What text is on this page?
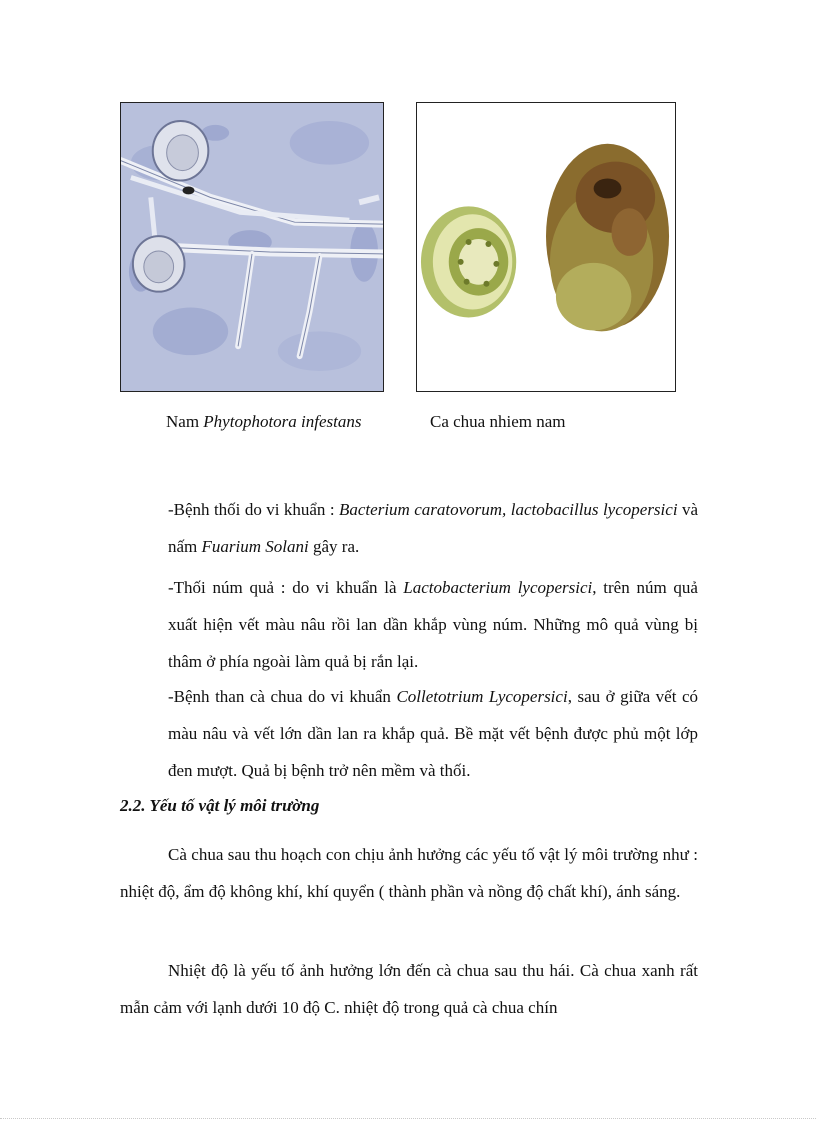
Nam Phytophotora infestans	Ca chua nhiem nam

-Bệnh thối do vi khuẩn : Bacterium caratovorum, lactobacillus lycopersici và nấm Fuarium Solani gây ra.

-Thối núm quả : do vi khuẩn là Lactobacterium lycopersici, trên núm quả xuất hiện vết màu nâu rồi lan dần khắp vùng núm. Những mô quả vùng bị thâm ở phía ngoài làm quả bị rắn lại.

-Bệnh than cà chua do vi khuẩn Colletotrium Lycopersici, sau ở giữa vết có màu nâu và vết lớn dần lan ra khắp quả. Bề mặt vết bệnh được phủ một lớp đen mượt. Quả bị bệnh trở nên mềm và thối.

2.2. Yếu tố vật lý môi trường

Cà chua sau thu hoạch con chịu ảnh hưởng các yếu tố vật lý môi trường như : nhiệt độ, ẩm độ không khí, khí quyển ( thành phần và nồng độ chất khí), ánh sáng.

Nhiệt độ là yếu tố ảnh hưởng lớn đến cà chua sau thu hái. Cà chua xanh rất mẫn cảm với lạnh dưới 10 độ C. nhiệt độ trong quả cà chua chín
